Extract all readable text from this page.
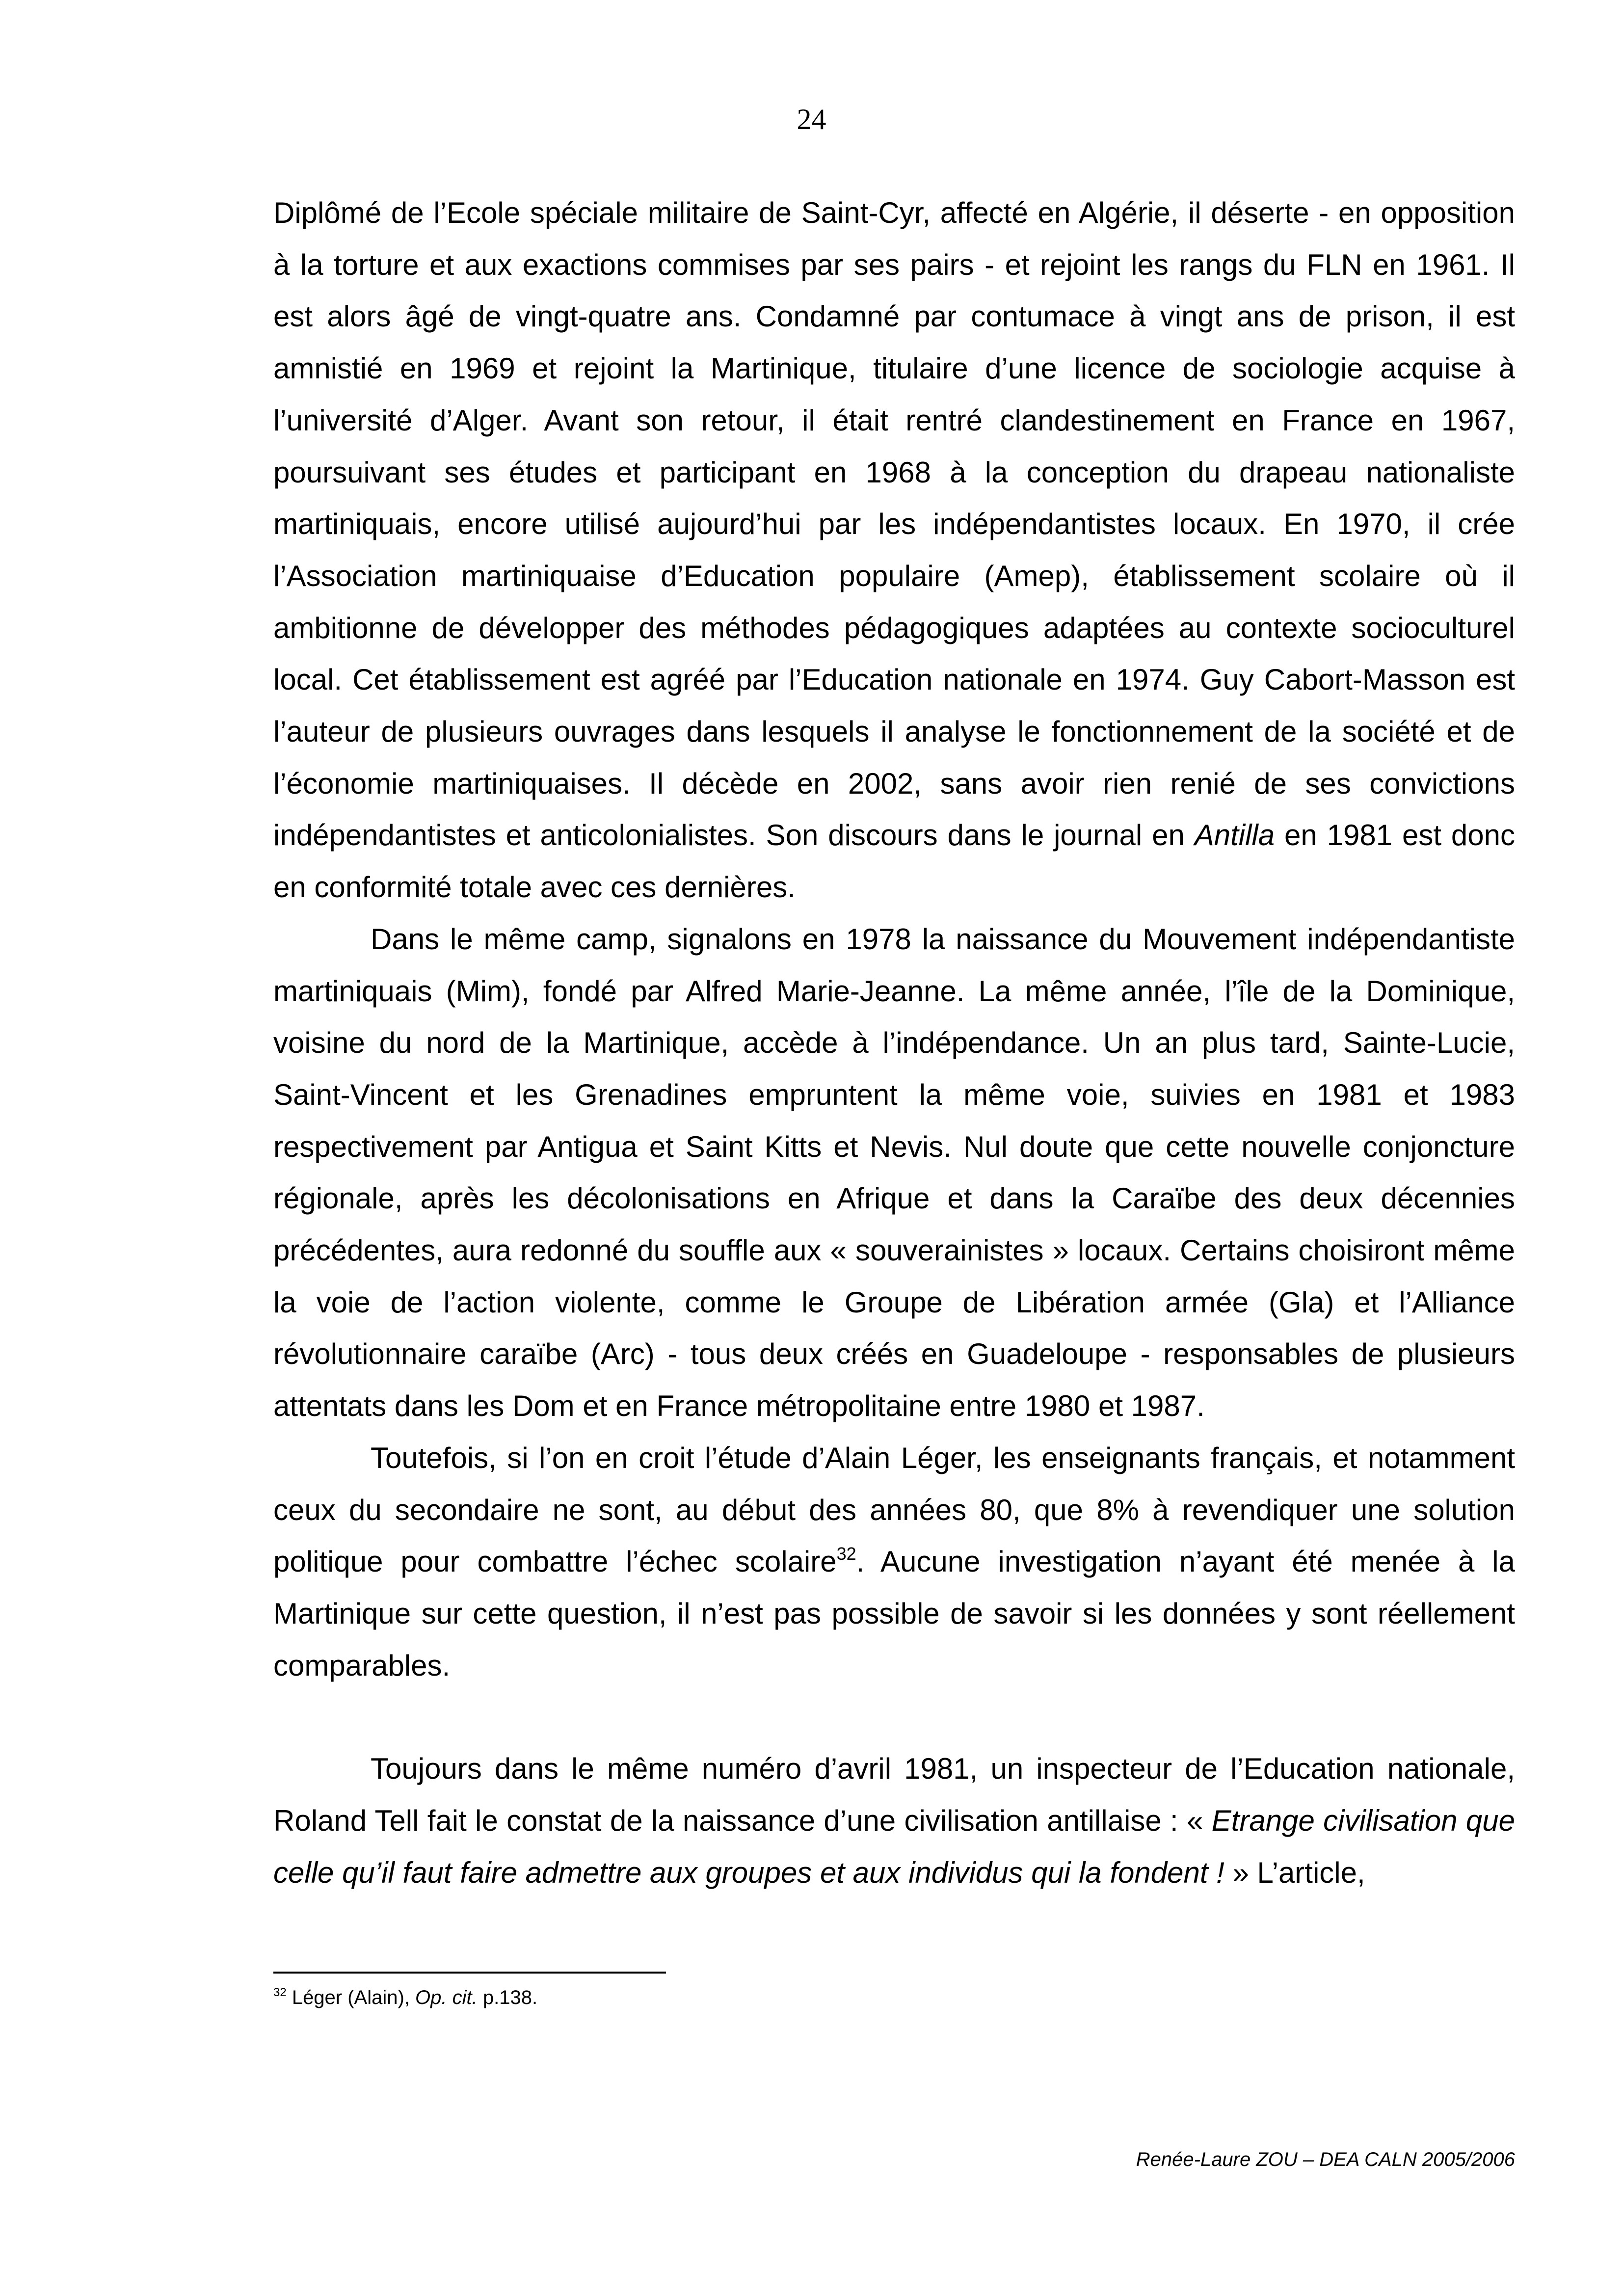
24

Diplômé de l’Ecole spéciale militaire de Saint-Cyr, affecté en Algérie, il déserte - en opposition à la torture et aux exactions commises par ses pairs - et rejoint les rangs du FLN en 1961. Il est alors âgé de vingt-quatre ans. Condamné par contumace à vingt ans de prison, il est amnistié en 1969 et rejoint la Martinique, titulaire d’une licence de sociologie acquise à l’université d’Alger. Avant son retour, il était rentré clandestinement en France en 1967, poursuivant ses études et participant en 1968 à la conception du drapeau nationaliste martiniquais, encore utilisé aujourd’hui par les indépendantistes locaux. En 1970, il crée l’Association martiniquaise d’Education populaire (Amep), établissement scolaire où il ambitionne de développer des méthodes pédagogiques adaptées au contexte socioculturel local. Cet établissement est agréé par l’Education nationale en 1974. Guy Cabort-Masson est l’auteur de plusieurs ouvrages dans lesquels il analyse le fonctionnement de la société et de l’économie martiniquaises. Il décède en 2002, sans avoir rien renié de ses convictions indépendantistes et anticolonialistes. Son discours dans le journal en Antilla en 1981 est donc en conformité totale avec ces dernières.

Dans le même camp, signalons en 1978 la naissance du Mouvement indépendantiste martiniquais (Mim), fondé par Alfred Marie-Jeanne. La même année, l’île de la Dominique, voisine du nord de la Martinique, accède à l’indépendance. Un an plus tard, Sainte-Lucie, Saint-Vincent et les Grenadines empruntent la même voie, suivies en 1981 et 1983 respectivement par Antigua et Saint Kitts et Nevis. Nul doute que cette nouvelle conjoncture régionale, après les décolonisations en Afrique et dans la Caraïbe des deux décennies précédentes, aura redonné du souffle aux « souverainistes » locaux. Certains choisiront même la voie de l’action violente, comme le Groupe de Libération armée (Gla) et l’Alliance révolutionnaire caraïbe (Arc) - tous deux créés en Guadeloupe - responsables de plusieurs attentats dans les Dom et en France métropolitaine entre 1980 et 1987.

Toutefois, si l’on en croit l’étude d’Alain Léger, les enseignants français, et notamment ceux du secondaire ne sont, au début des années 80, que 8% à revendiquer une solution politique pour combattre l’échec scolaire$^{32}$. Aucune investigation n’ayant été menée à la Martinique sur cette question, il n’est pas possible de savoir si les données y sont réellement comparables.

Toujours dans le même numéro d’avril 1981, un inspecteur de l’Education nationale, Roland Tell fait le constat de la naissance d’une civilisation antillaise : « Etrange civilisation que celle qu’il faut faire admettre aux groupes et aux individus qui la fondent ! » L’article,

$^{32}$ Léger (Alain), Op. cit. p.138.
Renée-Laure ZOU – DEA CALN 2005/2006
